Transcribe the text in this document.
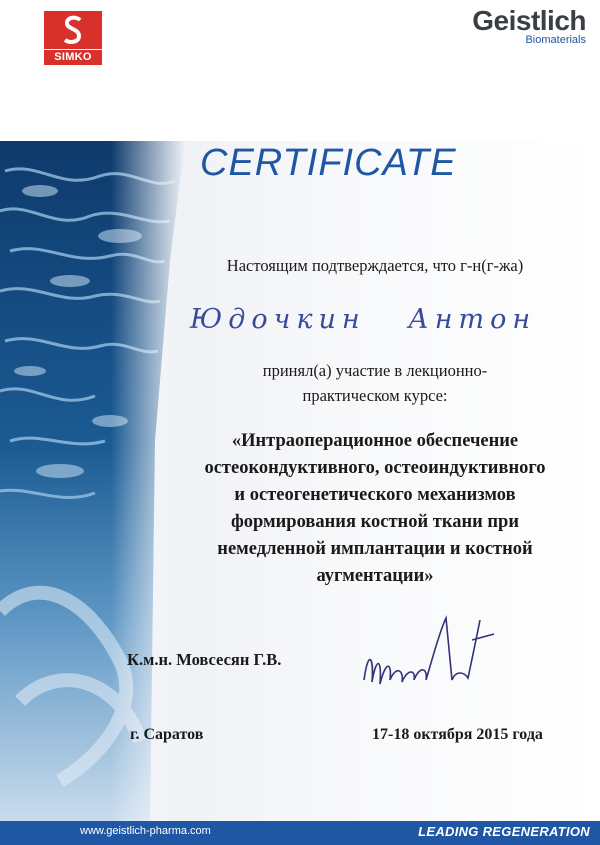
SIMKO
Geistlich
Biomaterials
CERTIFICATE
Настоящим подтверждается, что г-н(г-жа)
Юдочкин Антон
принял(а) участие в лекционно-
практическом курсе:
«Интраоперационное обеспечение
остеокондуктивного, остеоиндуктивного
и остеогенетического механизмов
формирования костной ткани при
немедленной имплантации и костной
аугментации»
К.м.н. Мовсесян Г.В.
г. Саратов	17-18 октября 2015 года
www.geistlich-pharma.com	LEADING REGENERATION
